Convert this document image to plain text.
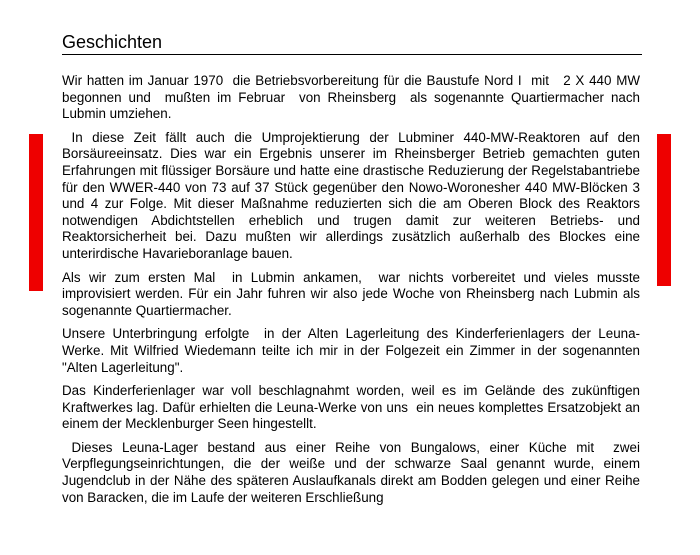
Geschichten

Wir hatten im Januar 1970  die Betriebsvorbereitung für die Baustufe Nord I  mit   2 X 440 MW begonnen und  mußten im Februar  von Rheinsberg  als sogenannte Quartiermacher nach Lubmin umziehen.

In diese Zeit fällt auch die Umprojektierung der Lubminer 440-MW-Reaktoren auf den Borsäureeinsatz. Dies war ein Ergebnis unserer im Rheinsberger Betrieb gemachten guten Erfahrungen mit flüssiger Borsäure und hatte eine drastische Reduzierung der Regelstabantriebe für den WWER-440 von 73 auf 37 Stück gegenüber den Nowo-Woronesher 440 MW-Blöcken 3 und 4 zur Folge. Mit dieser Maßnahme reduzierten sich die am Oberen Block des Reaktors notwendigen Abdichtstellen erheblich und trugen damit zur weiteren Betriebs- und Reaktorsicherheit bei. Dazu mußten wir allerdings zusätzlich außerhalb des Blockes eine unterirdische Havarieboranlage bauen.

Als wir zum ersten Mal  in Lubmin ankamen,  war nichts vorbereitet und vieles musste improvisiert werden. Für ein Jahr fuhren wir also jede Woche von Rheinsberg nach Lubmin als sogenannte Quartiermacher.

Unsere Unterbringung erfolgte  in der Alten Lagerleitung des Kinderferienlagers der Leuna-Werke. Mit Wilfried Wiedemann teilte ich mir in der Folgezeit ein Zimmer in der sogenannten "Alten Lagerleitung".

Das Kinderferienlager war voll beschlagnahmt worden, weil es im Gelände des zukünftigen Kraftwerkes lag. Dafür erhielten die Leuna-Werke von uns  ein neues komplettes Ersatzobjekt an einem der Mecklenburger Seen hingestellt.

Dieses Leuna-Lager bestand aus einer Reihe von Bungalows, einer Küche mit  zwei Verpflegungseinrichtungen, die der weiße und der schwarze Saal genannt wurde, einem Jugendclub in der Nähe des späteren Auslaufkanals direkt am Bodden gelegen und einer Reihe von Baracken, die im Laufe der weiteren Erschließung
